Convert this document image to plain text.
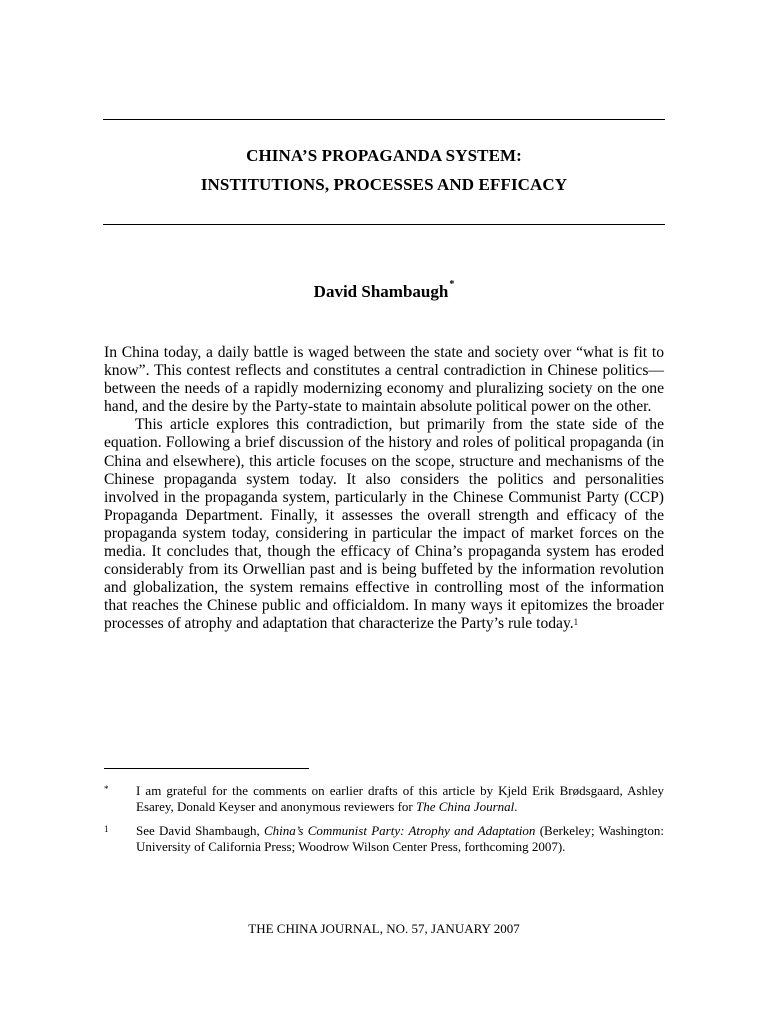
CHINA’S PROPAGANDA SYSTEM:
INSTITUTIONS, PROCESSES AND EFFICACY
David Shambaugh*

In China today, a daily battle is waged between the state and society over “what is fit to know”. This contest reflects and constitutes a central contradiction in Chinese politics—between the needs of a rapidly modernizing economy and pluralizing society on the one hand, and the desire by the Party-state to maintain absolute political power on the other.

This article explores this contradiction, but primarily from the state side of the equation. Following a brief discussion of the history and roles of political propaganda (in China and elsewhere), this article focuses on the scope, structure and mechanisms of the Chinese propaganda system today. It also considers the politics and personalities involved in the propaganda system, particularly in the Chinese Communist Party (CCP) Propaganda Department. Finally, it assesses the overall strength and efficacy of the propaganda system today, considering in particular the impact of market forces on the media. It concludes that, though the efficacy of China’s propaganda system has eroded considerably from its Orwellian past and is being buffeted by the information revolution and globalization, the system remains effective in controlling most of the information that reaches the Chinese public and officialdom. In many ways it epitomizes the broader processes of atrophy and adaptation that characterize the Party’s rule today.$^1$

* I am grateful for the comments on earlier drafts of this article by Kjeld Erik Brødsgaard, Ashley Esarey, Donald Keyser and anonymous reviewers for The China Journal.
1 See David Shambaugh, China’s Communist Party: Atrophy and Adaptation (Berkeley; Washington: University of California Press; Woodrow Wilson Center Press, forthcoming 2007).
THE CHINA JOURNAL, NO. 57, JANUARY 2007
